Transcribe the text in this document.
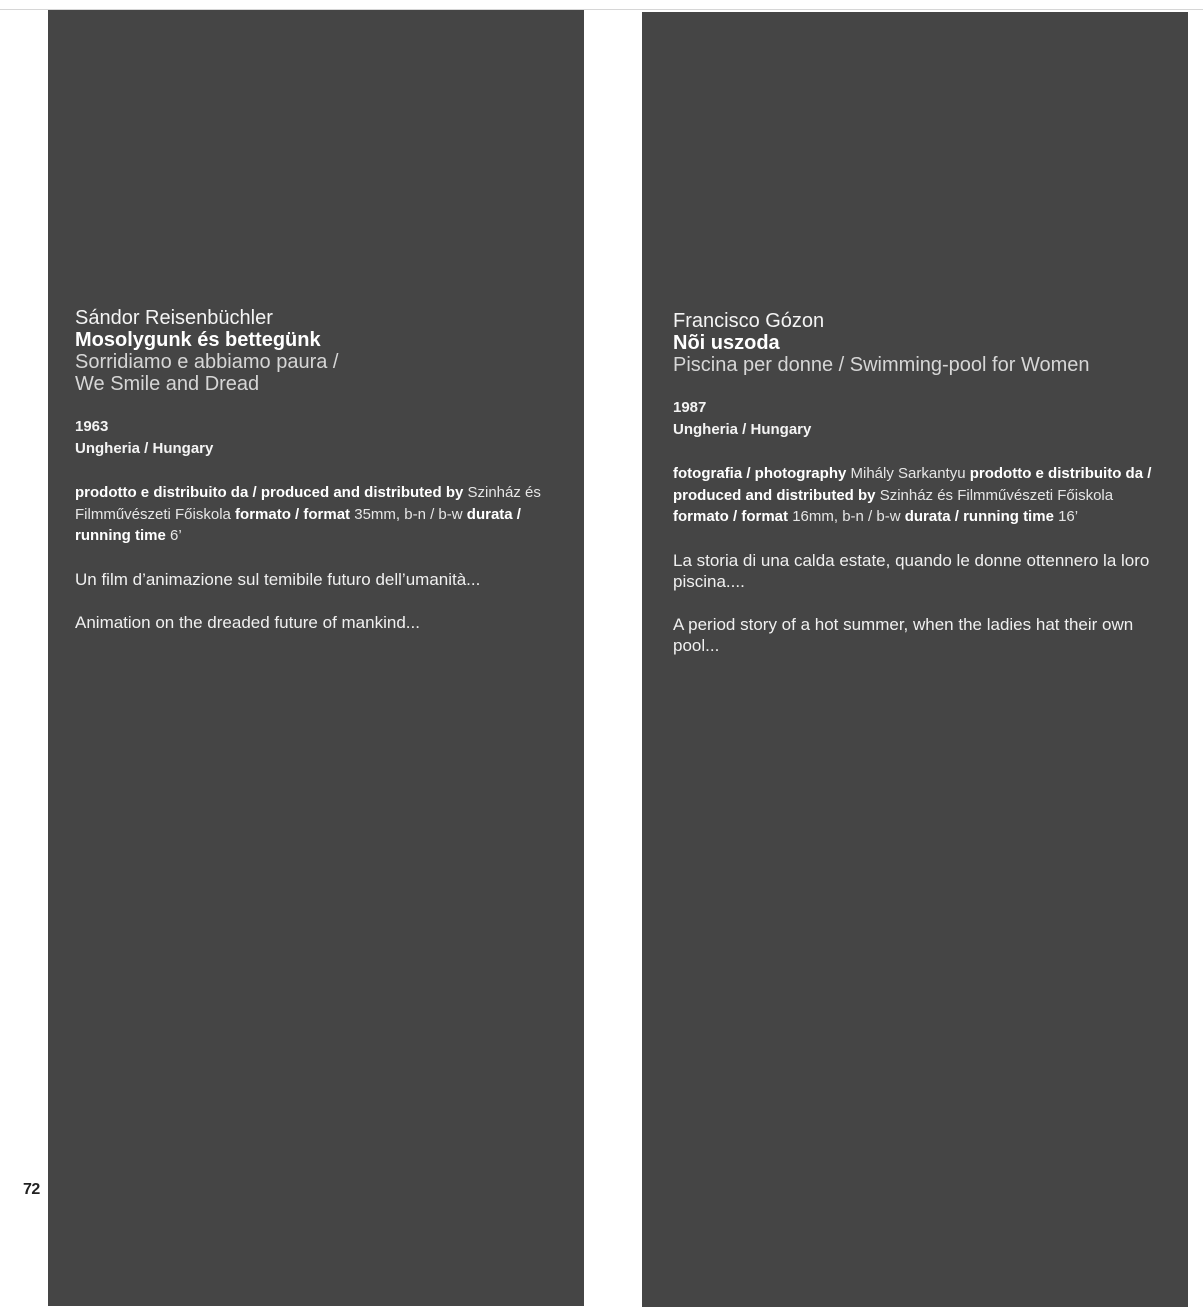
Sándor Reisenbüchler
Mosolygunk és bettegünk
Sorridiamo e abbiamo paura /
We Smile and Dread
1963
Ungheria / Hungary
prodotto e distribuito da / produced and distributed by Szinház és Filmművészeti Főiskola formato / format 35mm, b-n / b-w durata / running time 6’

Un film d’animazione sul temibile futuro dell’umanità...

Animation on the dreaded future of mankind...

Francisco Gózon
Nõi uszoda
Piscina per donne / Swimming-pool for Women
1987
Ungheria / Hungary
fotografia / photography Mihály Sarkantyu prodotto e distribuito da / produced and distributed by Szinház és Filmművészeti Főiskola formato / format 16mm, b-n / b-w durata / running time 16’

La storia di una calda estate, quando le donne ottennero la loro piscina....

A period story of a hot summer, when the ladies hat their own pool...

72
